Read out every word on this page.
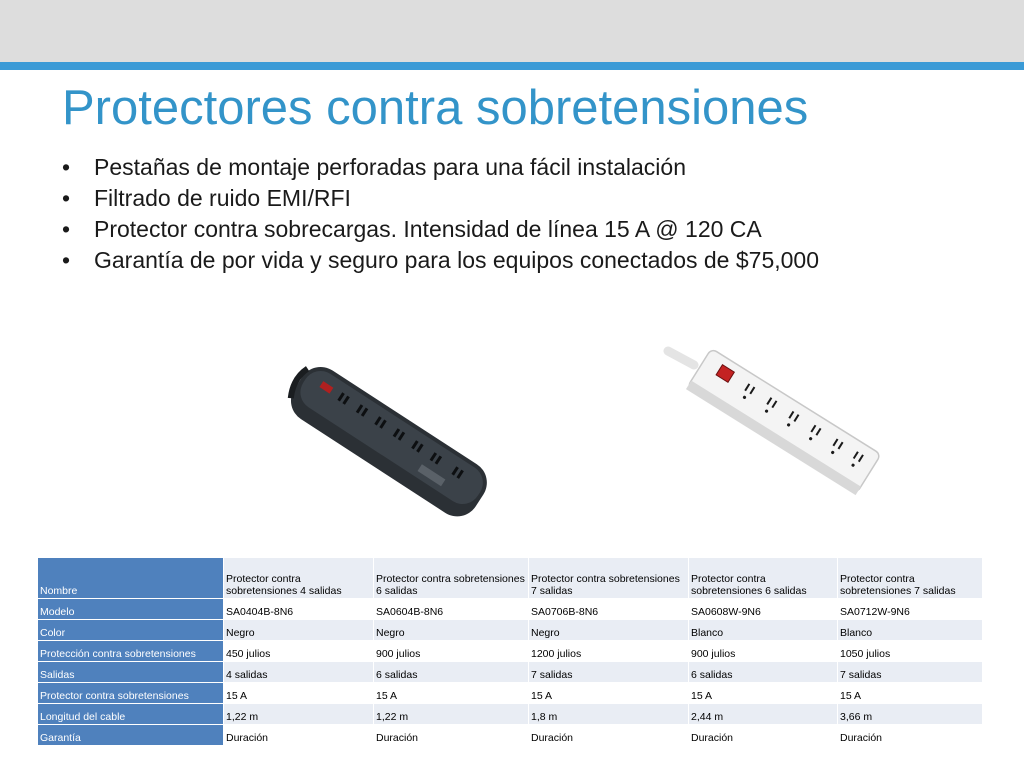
Protectores contra sobretensiones
• Pestañas de montaje perforadas para una fácil instalación
• Filtrado de ruido EMI/RFI
• Protector contra sobrecargas. Intensidad de línea 15 A @ 120 CA
• Garantía de por vida y seguro para los equipos conectados de $75,000
Nombre	Protector contra sobretensiones 4 salidas	Protector contra sobretensiones 6 salidas	Protector contra sobretensiones 7 salidas	Protector contra sobretensiones 6 salidas	Protector contra sobretensiones 7 salidas
Modelo	SA0404B-8N6	SA0604B-8N6	SA0706B-8N6	SA0608W-9N6	SA0712W-9N6
Color	Negro	Negro	Negro	Blanco	Blanco
Protección contra sobretensiones	450 julios	900 julios	1200 julios	900 julios	1050 julios
Salidas	4 salidas	6 salidas	7 salidas	6 salidas	7 salidas
Protector contra sobretensiones	15 A	15 A	15 A	15 A	15 A
Longitud del cable	1,22 m	1,22 m	1,8 m	2,44 m	3,66 m
Garantía	Duración	Duración	Duración	Duración	Duración
